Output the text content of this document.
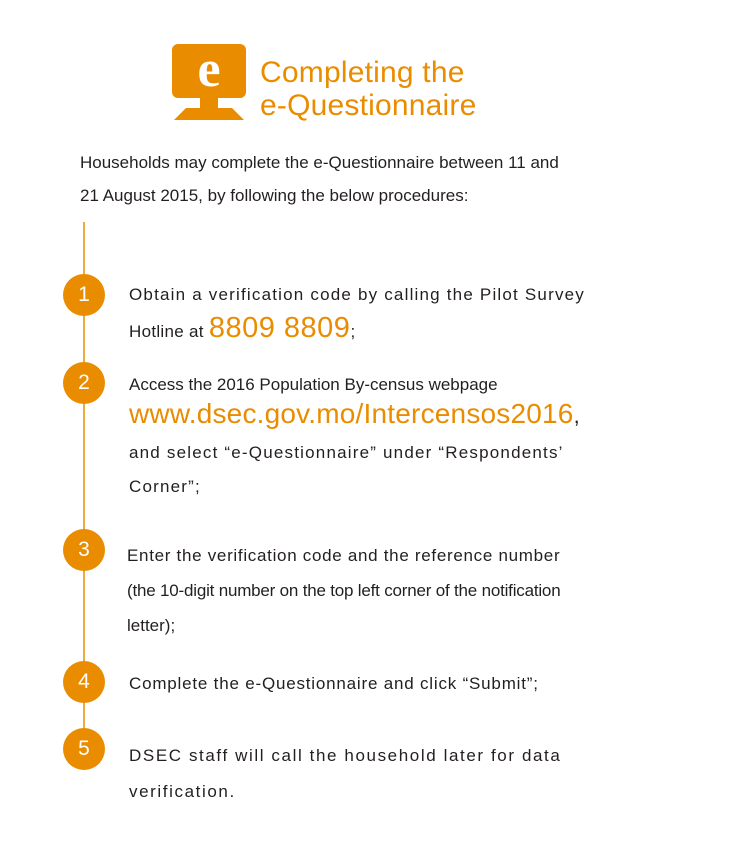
e Completing the
e-Questionnaire
Households may complete the e-Questionnaire between 11 and
21 August 2015, by following the below procedures:
1	Obtain a verification code by calling the Pilot Survey
Hotline at 8809 8809;
2	Access the 2016 Population By-census webpage
www.dsec.gov.mo/Intercensos2016,
and select “e-Questionnaire” under “Respondents’
Corner”;
3	Enter the verification code and the reference number
(the 10-digit number on the top left corner of the notification
letter);
4	Complete the e-Questionnaire and click “Submit”;
5	DSEC staff will call the household later for data
verification.
